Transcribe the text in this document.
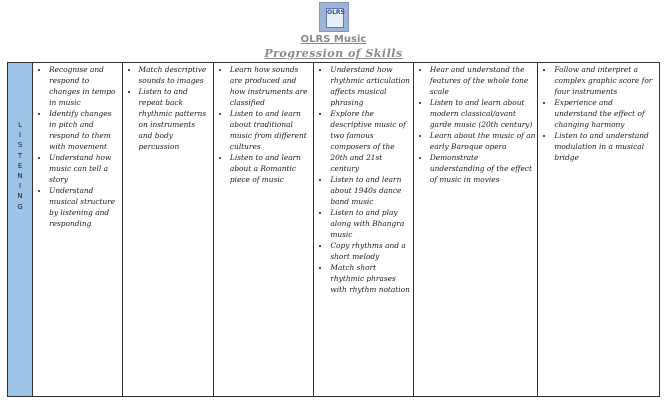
OLRS

OLRS Music

Progression of Skills

L
I
S
T
E
N
I
N
G

• Recognise and respond to changes in tempo in music
• Identify changes in pitch and respond to them with movement
• Understand how music can tell a story
• Understand musical structure by listening and responding

• Match descriptive sounds to images
• Listen to and repeat back rhythmic patterns on instruments and body percussion

• Learn how sounds are produced and how instruments are classified
• Listen to and learn about traditional music from different cultures
• Listen to and learn about a Romantic piece of music

• Understand how rhythmic articulation affects musical phrasing
• Explore the descriptive music of two famous composers of the 20th and 21st century
• Listen to and learn about 1940s dance band music
• Listen to and play along with Bhangra music
• Copy rhythms and a short melody
• Match short rhythmic phrases with rhythm notation

• Hear and understand the features of the whole tone scale
• Listen to and learn about modern classical/avant garde music (20th century)
• Learn about the music of an early Baroque opera
• Demonstrate understanding of the effect of music in movies

• Follow and interpret a complex graphic score for four instruments
• Experience and understand the effect of changing harmony
• Listen to and understand modulation in a musical bridge
